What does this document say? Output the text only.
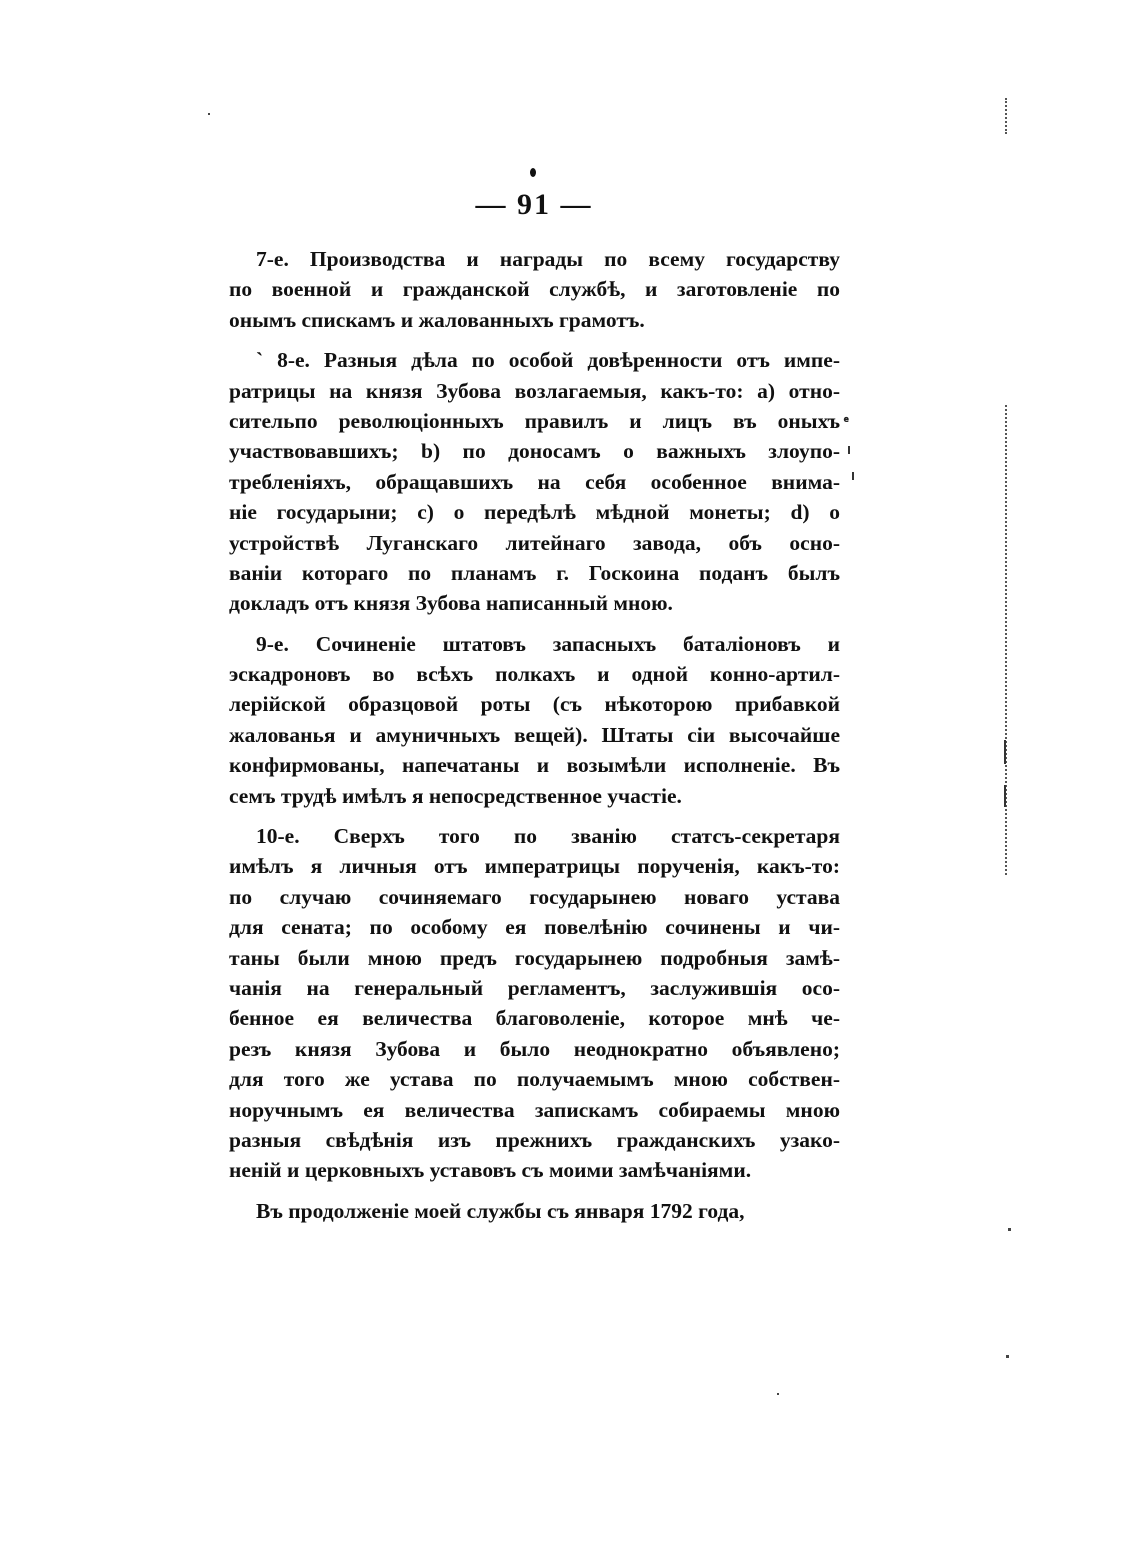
— 91 —
7-е. Производства и награды по всему государству
по военной и гражданской службѣ, и заготовленіе по
онымъ спискамъ и жалованныхъ грамотъ.
` 8-е. Разныя дѣла по особой довѣренности отъ импе-
ратрицы на князя Зубова возлагаемыя, какъ-то: а) отно-
сительпо революціонныхъ правилъ и лицъ въ оныхъ
участвовавшихъ; b) по доносамъ о важныхъ злоупо-
требленіяхъ, обращавшихъ на себя особенное внима-
ніе государыни; с) о передѣлѣ мѣдной монеты; d) о
устройствѣ Луганскаго литейнаго завода, объ осно-
ваніи котораго по планамъ г. Госкоина поданъ былъ
докладъ отъ князя Зубова написанный мною.
9-е. Сочиненіе штатовъ запасныхъ баталіоновъ и
эскадроновъ во всѣхъ полкахъ и одной конно-артил-
лерійской образцовой роты (съ нѣкоторою прибавкой
жалованья и амуничныхъ вещей). Штаты сіи высочайше
конфирмованы, напечатаны и возымѣли исполненіе. Въ
семъ трудѣ имѣлъ я непосредственное участіе.
10-е. Сверхъ того по званію статсъ-секретаря
имѣлъ я личныя отъ императрицы порученія, какъ-то:
по случаю сочиняемаго государынею новаго устава
для сената; по особому ея повелѣнію сочинены и чи-
таны были мною предъ государынею подробныя замѣ-
чанія на генеральный регламентъ, заслужившія осо-
бенное ея величества благоволеніе, которое мнѣ че-
резъ князя Зубова и было неоднократно объявлено;
для того же устава по получаемымъ мною собствен-
норучнымъ ея величества запискамъ собираемы мною
разныя свѣдѣнія изъ прежнихъ гражданскихъ узако-
неній и церковныхъ уставовъ съ моими замѣчаніями.
Въ продолженіе моей службы съ января 1792 года,
